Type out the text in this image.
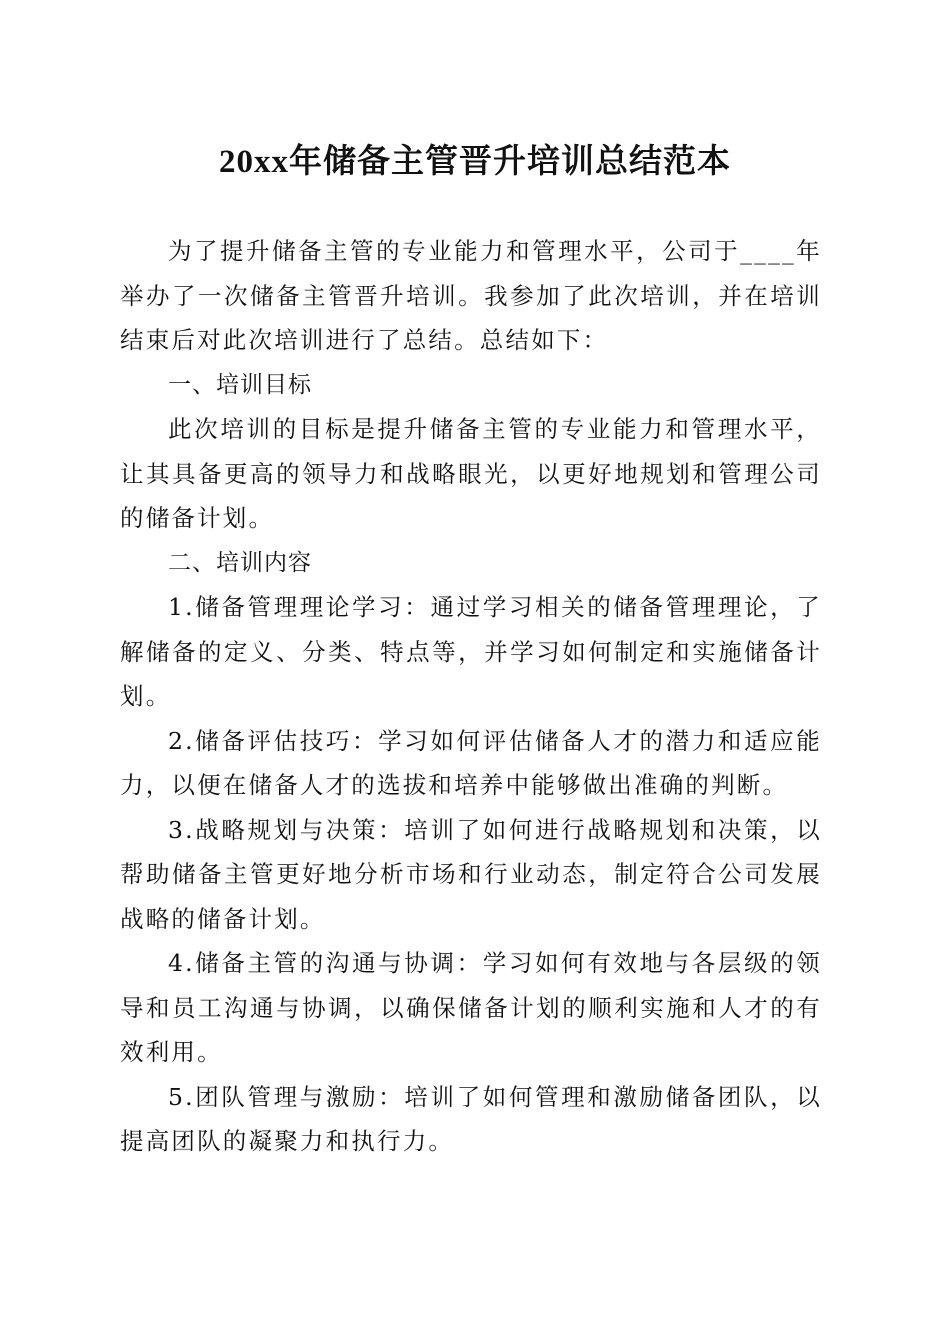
20xx年储备主管晋升培训总结范本

为了提升储备主管的专业能力和管理水平，公司于____年举办了一次储备主管晋升培训。我参加了此次培训，并在培训结束后对此次培训进行了总结。总结如下：

一、培训目标

此次培训的目标是提升储备主管的专业能力和管理水平，让其具备更高的领导力和战略眼光，以更好地规划和管理公司的储备计划。

二、培训内容

1.储备管理理论学习：通过学习相关的储备管理理论，了解储备的定义、分类、特点等，并学习如何制定和实施储备计划。

2.储备评估技巧：学习如何评估储备人才的潜力和适应能力，以便在储备人才的选拔和培养中能够做出准确的判断。

3.战略规划与决策：培训了如何进行战略规划和决策，以帮助储备主管更好地分析市场和行业动态，制定符合公司发展战略的储备计划。

4.储备主管的沟通与协调：学习如何有效地与各层级的领导和员工沟通与协调，以确保储备计划的顺利实施和人才的有效利用。

5.团队管理与激励：培训了如何管理和激励储备团队，以提高团队的凝聚力和执行力。
